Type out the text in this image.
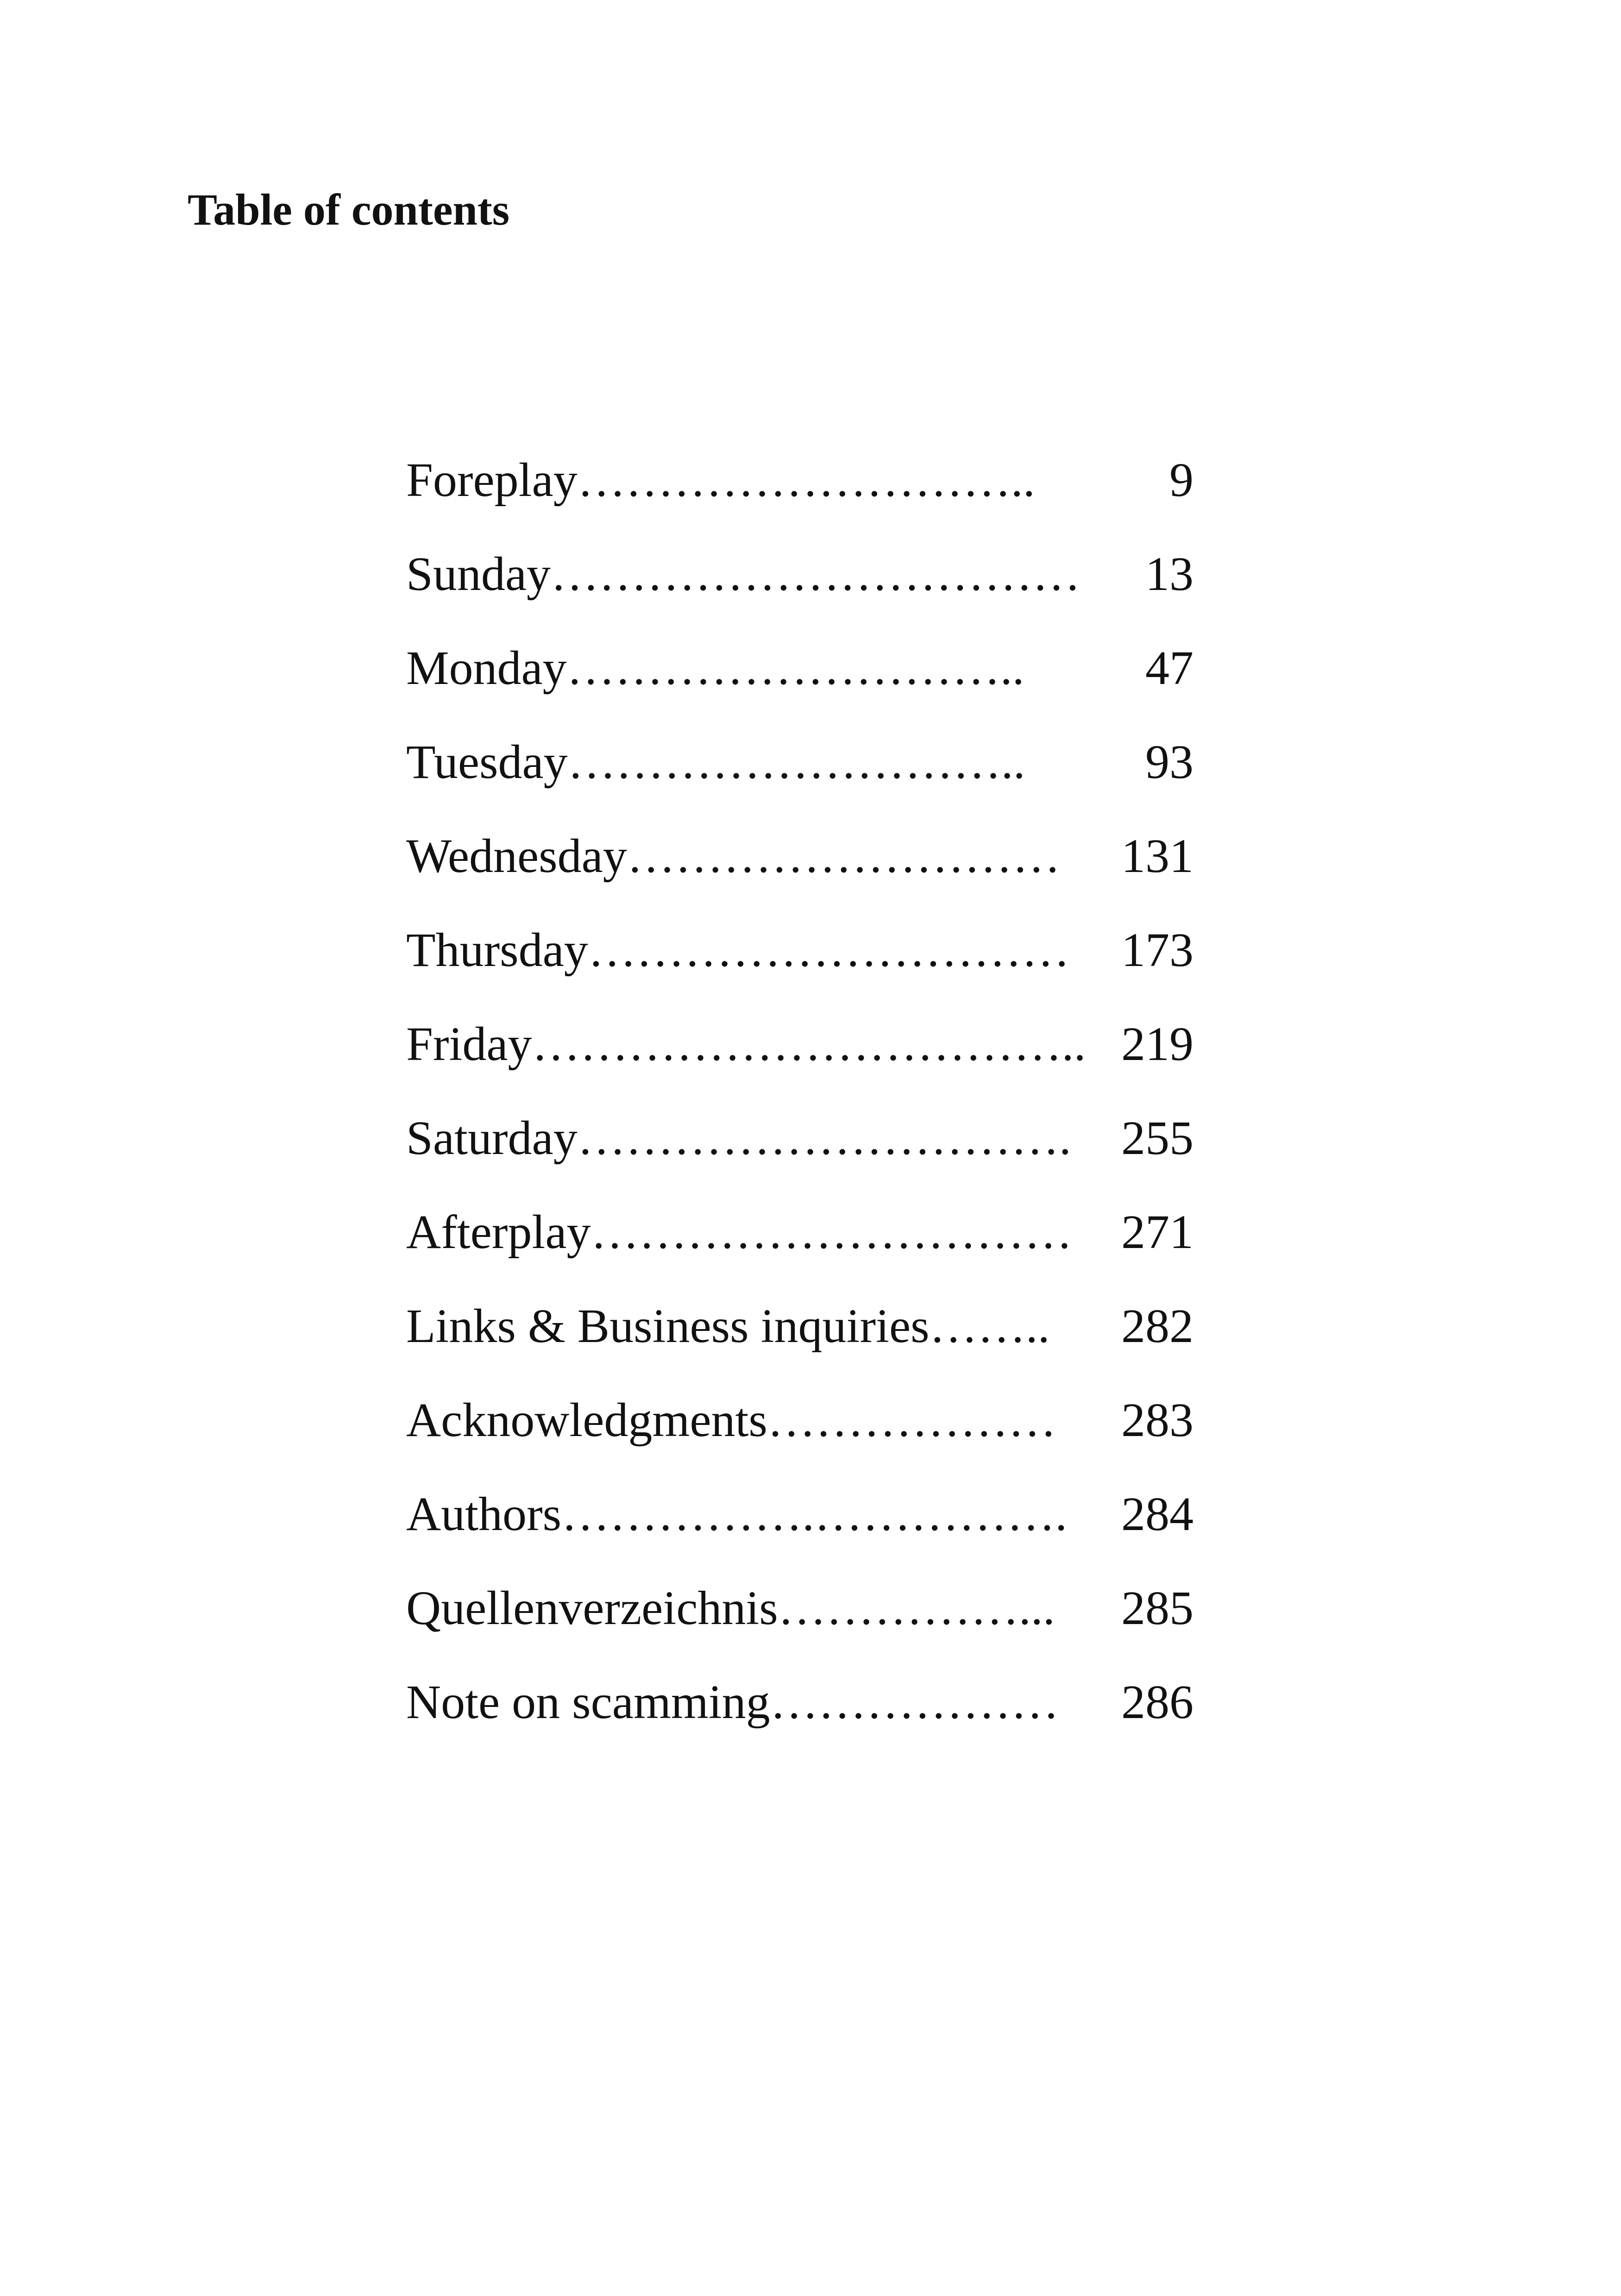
Table of contents
Foreplay………………………..	9
Sunday…………………………… 13
Monday………………………..	47
Tuesday……………………….. 93
Wednesday……………………… 131
Thursday………………………… 173
Friday…………………………….. 219
Saturday…………………………. 255
Afterplay………………………… 271
Links & Business inquiries…….. 282
Acknowledgments……………… 283
Authors…………….……………. 284
Quellenverzeichnis……………... 285
Note on scamming……………… 286
